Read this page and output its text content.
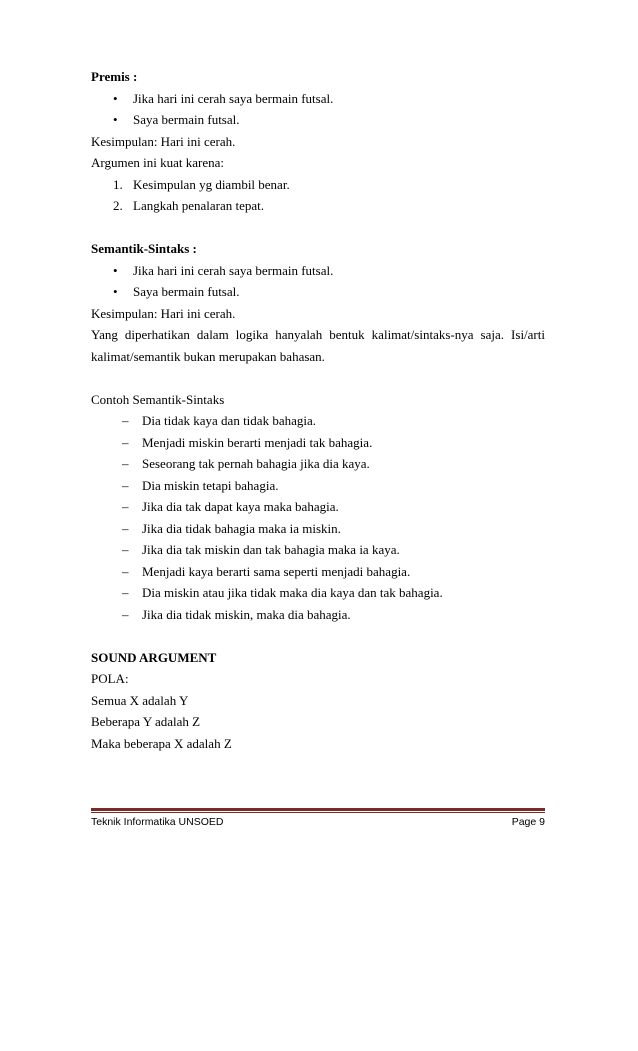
Premis :
• Jika hari ini cerah saya bermain futsal.
• Saya bermain futsal.
Kesimpulan: Hari ini cerah.
Argumen ini kuat karena:
1. Kesimpulan yg diambil benar.
2. Langkah penalaran tepat.
Semantik-Sintaks :
• Jika hari ini cerah saya bermain futsal.
• Saya bermain futsal.
Kesimpulan: Hari ini cerah.
Yang diperhatikan dalam logika hanyalah bentuk kalimat/sintaks-nya saja. Isi/arti
kalimat/semantik bukan merupakan bahasan.
Contoh Semantik-Sintaks
– Dia tidak kaya dan tidak bahagia.
– Menjadi miskin berarti menjadi tak bahagia.
– Seseorang tak pernah bahagia jika dia kaya.
– Dia miskin tetapi bahagia.
– Jika dia tak dapat kaya maka bahagia.
– Jika dia tidak bahagia maka ia miskin.
– Jika dia tak miskin dan tak bahagia maka ia kaya.
– Menjadi kaya berarti sama seperti menjadi bahagia.
– Dia miskin atau jika tidak maka dia kaya dan tak bahagia.
– Jika dia tidak miskin, maka dia bahagia.
SOUND ARGUMENT
POLA:
Semua X adalah Y
Beberapa Y adalah Z
Maka beberapa X adalah Z
Teknik Informatika UNSOED	Page 9
